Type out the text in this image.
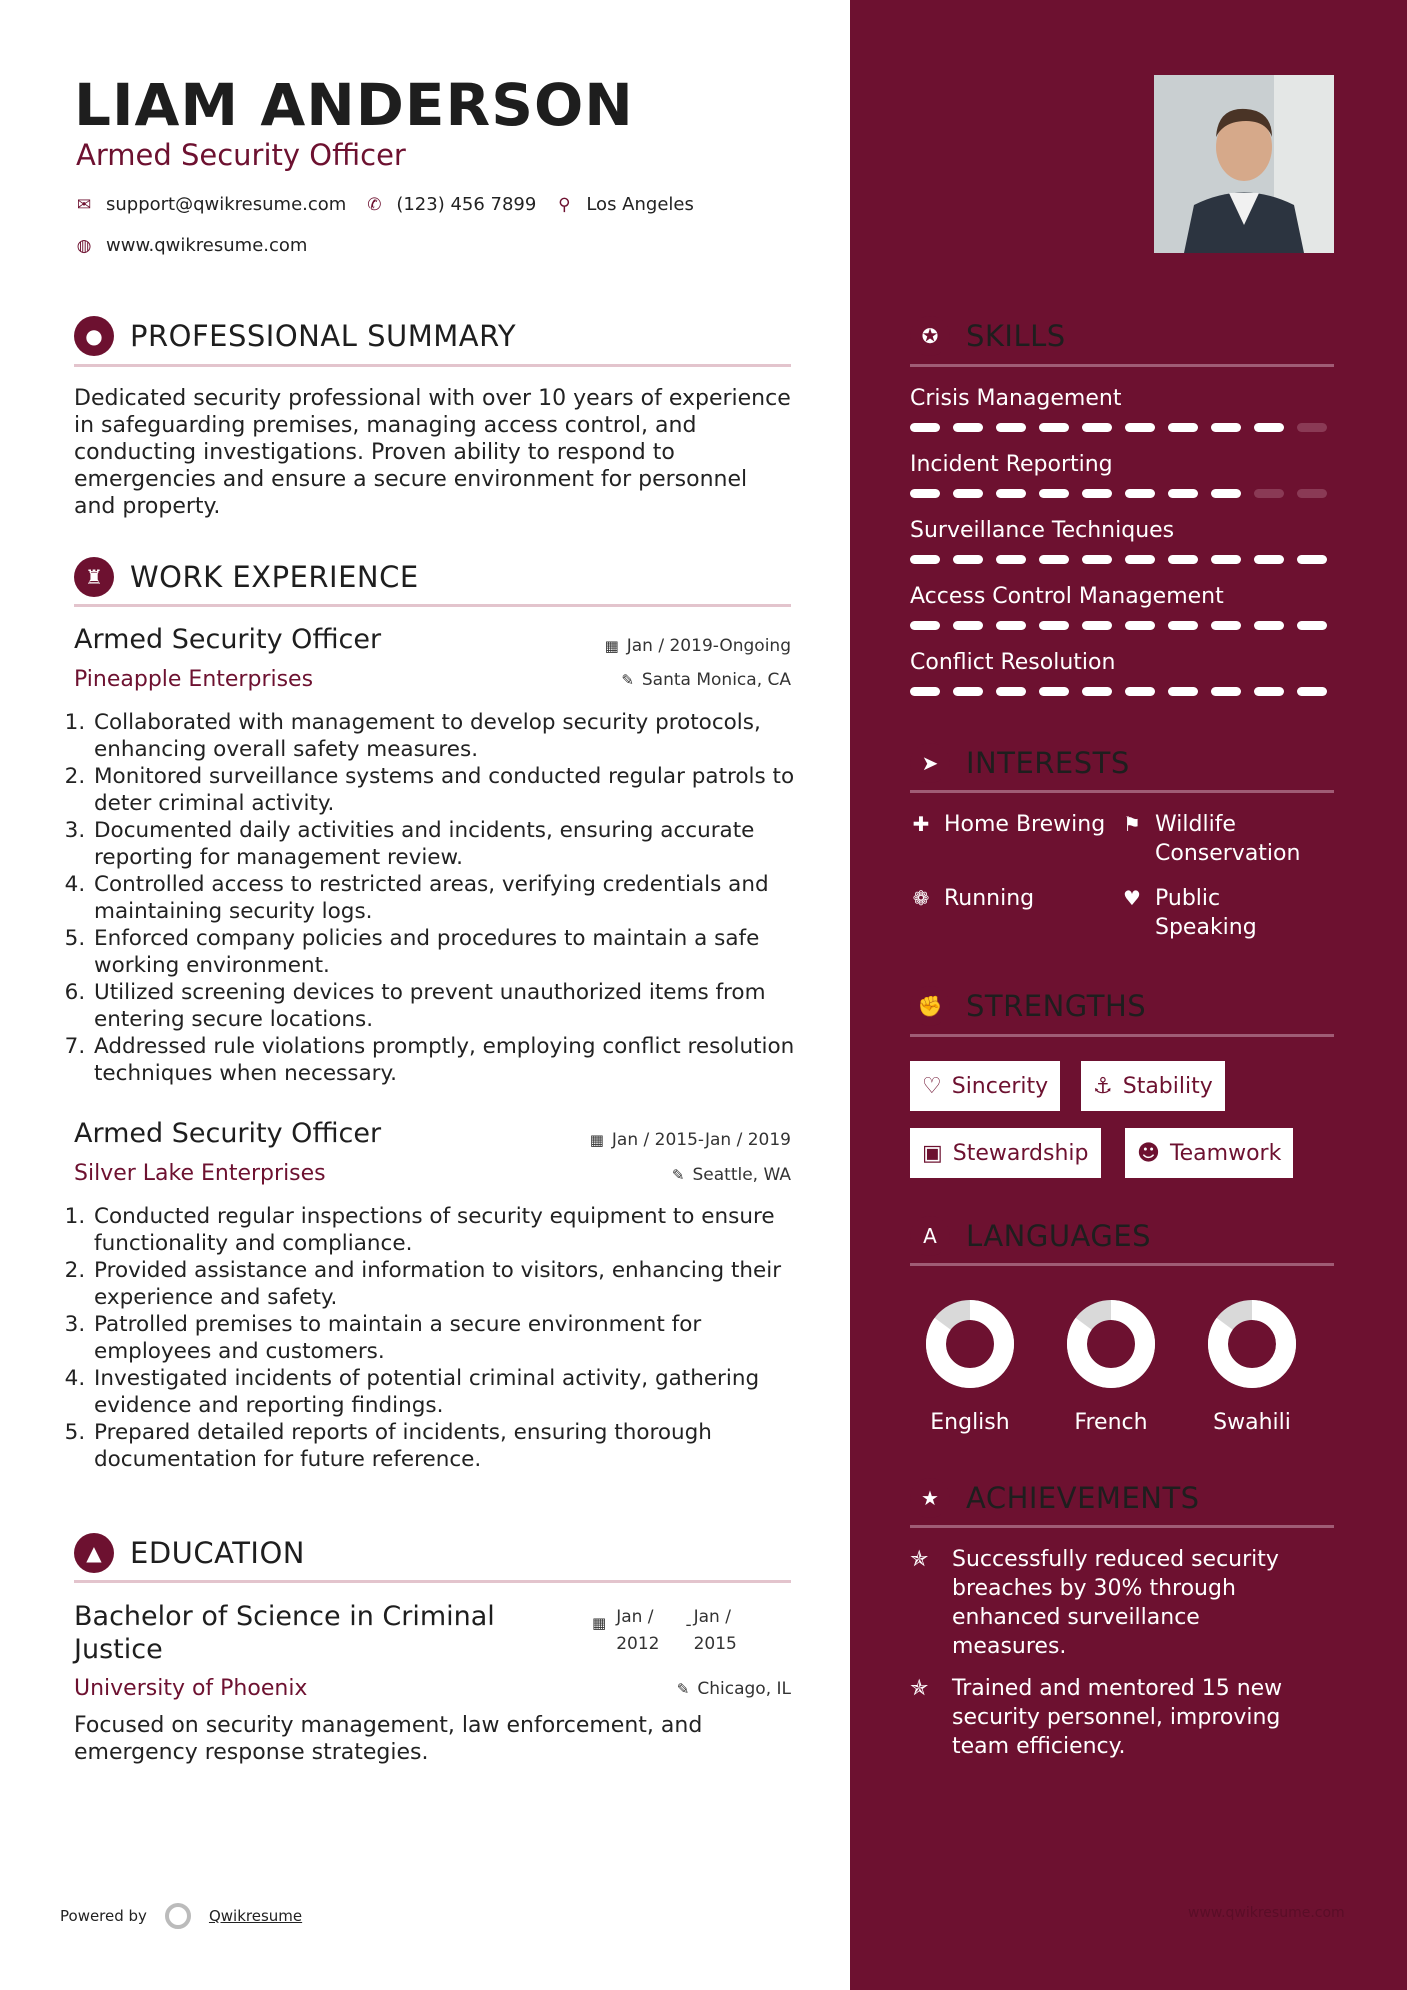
LIAM ANDERSON
Armed Security Officer
✉ support@qwikresume.com ✆ (123) 456 7899 ⚲ Los Angeles
◍ www.qwikresume.com
● PROFESSIONAL SUMMARY
Dedicated security professional with over 10 years of experience
in safeguarding premises, managing access control, and
conducting investigations. Proven ability to respond to
emergencies and ensure a secure environment for personnel
and property.
♜ WORK EXPERIENCE
Armed Security Officer	▦ Jan / 2019-Ongoing
Pineapple Enterprises	✎ Santa Monica, CA
1. Collaborated with management to develop security protocols, enhancing overall safety measures.
2. Monitored surveillance systems and conducted regular patrols to deter criminal activity.
3. Documented daily activities and incidents, ensuring accurate reporting for management review.
4. Controlled access to restricted areas, verifying credentials and maintaining security logs.
5. Enforced company policies and procedures to maintain a safe working environment.
6. Utilized screening devices to prevent unauthorized items from entering secure locations.
7. Addressed rule violations promptly, employing conflict resolution techniques when necessary.
Armed Security Officer	▦ Jan / 2015-Jan / 2019
Silver Lake Enterprises	✎ Seattle, WA
1. Conducted regular inspections of security equipment to ensure functionality and compliance.
2. Provided assistance and information to visitors, enhancing their experience and safety.
3. Patrolled premises to maintain a secure environment for employees and customers.
4. Investigated incidents of potential criminal activity, gathering evidence and reporting findings.
5. Prepared detailed reports of incidents, ensuring thorough documentation for future reference.
▲ EDUCATION
Bachelor of Science in Criminal
Justice
▦ Jan /
2012
- Jan /
2015
University of Phoenix	✎ Chicago, IL
Focused on security management, law enforcement, and
emergency response strategies.
Powered by	Qwikresume
✪ SKILLS
Crisis Management
Incident Reporting
Surveillance Techniques
Access Control Management
Conflict Resolution
➤ INTERESTS
✚ Home Brewing ⚑ Wildlife
Conservation
❁ Running	♥ Public
Speaking
✊ STRENGTHS
♡ Sincerity ⚓ Stability
▣ Stewardship ☻ Teamwork
A	LANGUAGES
English	French	Swahili
★ ACHIEVEMENTS
✯	Successfully reduced security
breaches by 30% through
enhanced surveillance
measures.
✯	Trained and mentored 15 new
security personnel, improving
team efficiency.
www.qwikresume.com
